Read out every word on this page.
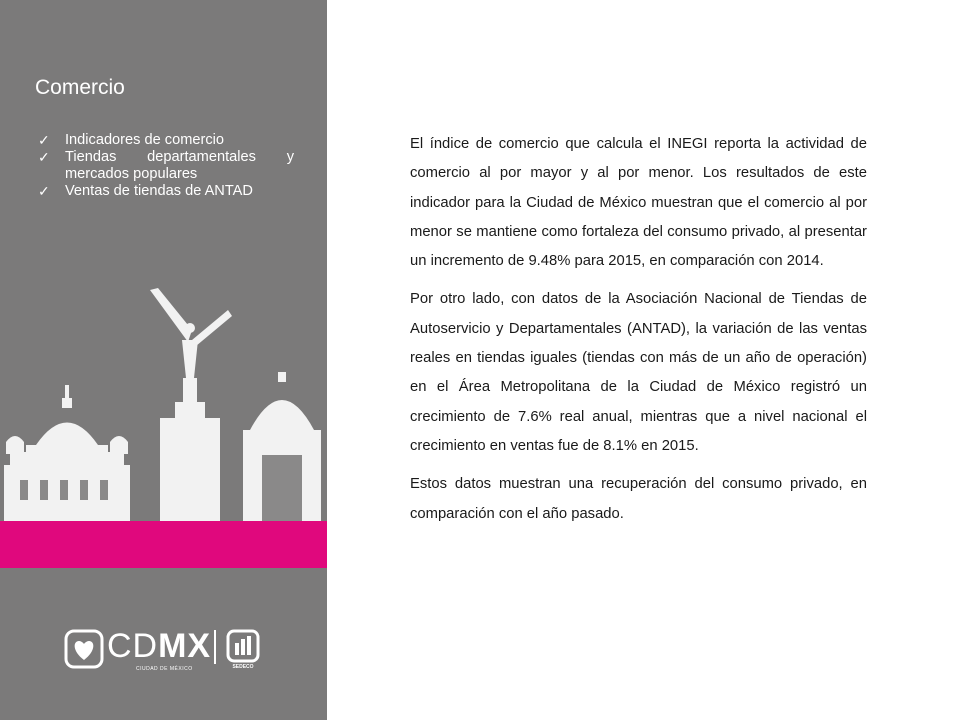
Comercio
✓ Indicadores de comercio
✓ Tiendas departamentales y mercados populares
✓ Ventas de tiendas de ANTAD
CDMX
CIUDAD DE MÉXICO	SEDECO

El índice de comercio que calcula el INEGI reporta la actividad de comercio al por mayor y al por menor. Los resultados de este indicador para la Ciudad de México muestran que el comercio al por menor se mantiene como fortaleza del consumo privado, al presentar un incremento de 9.48% para 2015, en comparación con 2014.

Por otro lado, con datos de la Asociación Nacional de Tiendas de Autoservicio y Departamentales (ANTAD), la variación de las ventas reales en tiendas iguales (tiendas con más de un año de operación) en el Área Metropolitana de la Ciudad de México registró un crecimiento de 7.6% real anual, mientras que a nivel nacional el crecimiento en ventas fue de 8.1% en 2015.

Estos datos muestran una recuperación del consumo privado, en comparación con el año pasado.
